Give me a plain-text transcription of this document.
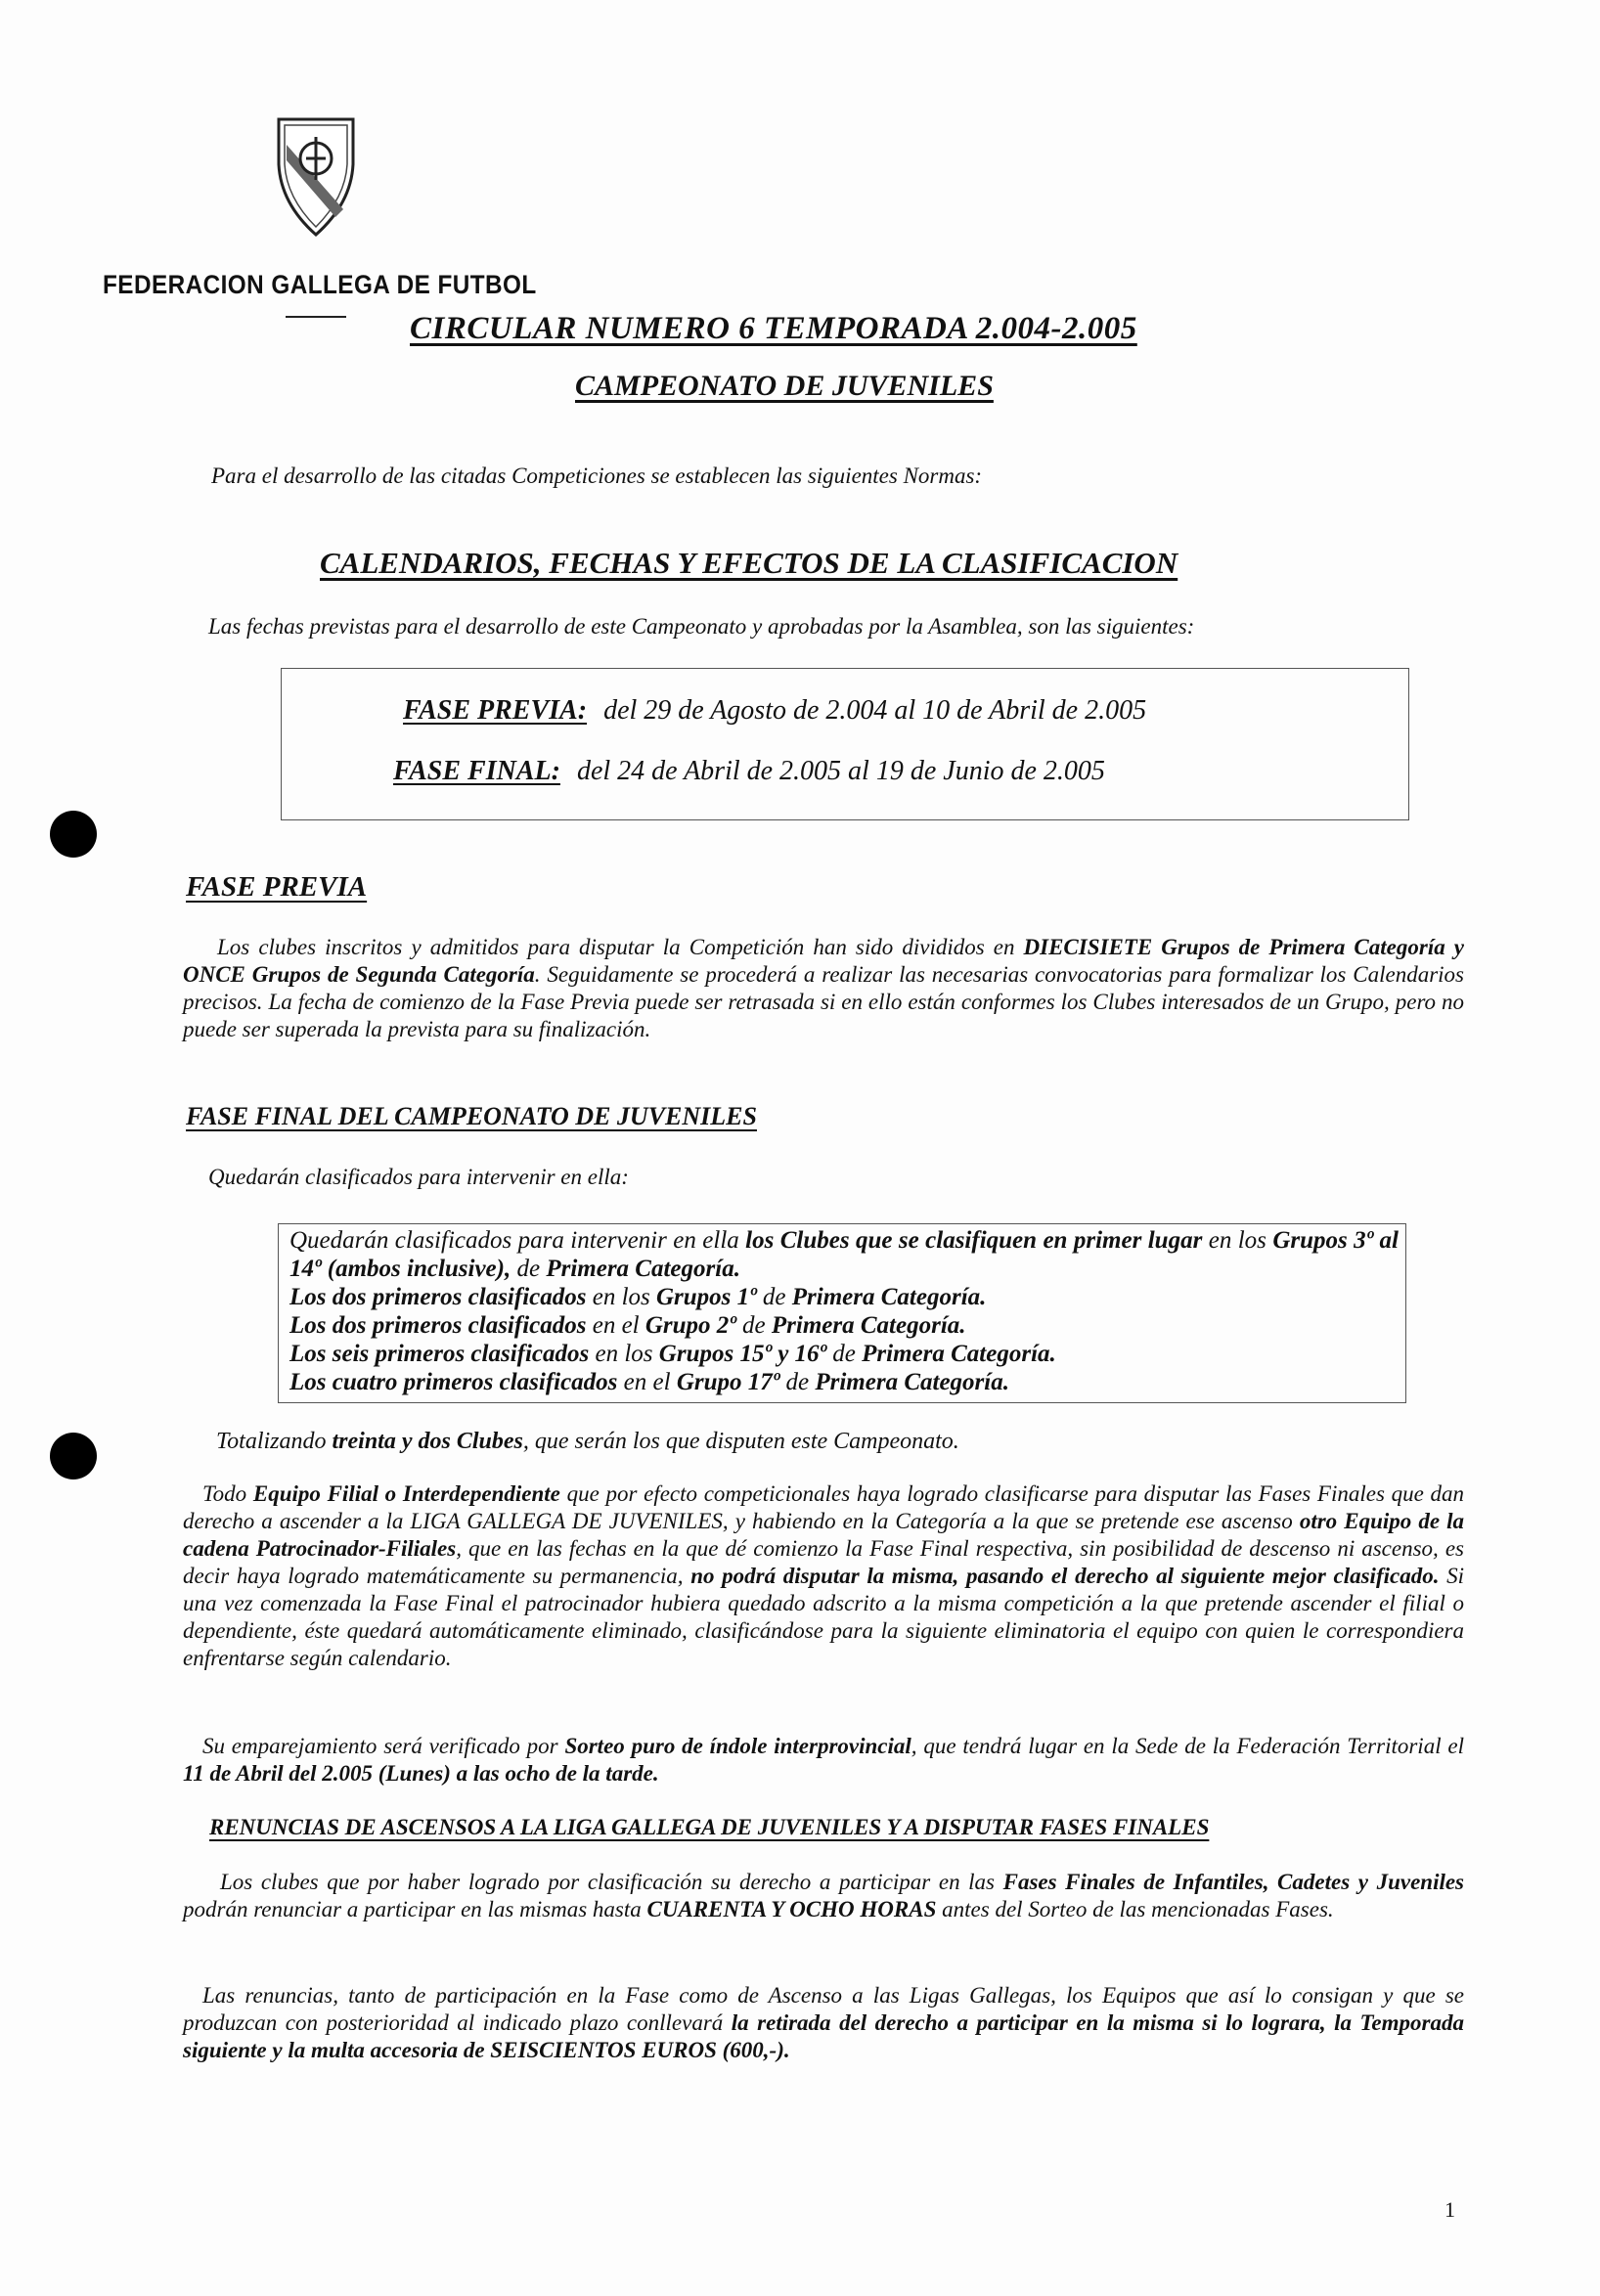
FEDERACION GALLEGA DE FUTBOL
CIRCULAR NUMERO 6 TEMPORADA 2.004-2.005
CAMPEONATO DE JUVENILES
Para el desarrollo de las citadas Competiciones se establecen las siguientes Normas:
CALENDARIOS, FECHAS Y EFECTOS DE LA CLASIFICACION
Las fechas previstas para el desarrollo de este Campeonato y aprobadas por la Asamblea, son las siguientes:
FASE PREVIA: del 29 de Agosto de 2.004 al 10 de Abril de 2.005
FASE FINAL: del 24 de Abril de 2.005 al 19 de Junio de 2.005
FASE PREVIA
Los clubes inscritos y admitidos para disputar la Competición han sido divididos en DIECISIETE Grupos de Primera Categoría y ONCE Grupos de Segunda Categoría. Seguidamente se procederá a realizar las necesarias convocatorias para formalizar los Calendarios precisos. La fecha de comienzo de la Fase Previa puede ser retrasada si en ello están conformes los Clubes interesados de un Grupo, pero no puede ser superada la prevista para su finalización.
FASE FINAL DEL CAMPEONATO DE JUVENILES
Quedarán clasificados para intervenir en ella:
Quedarán clasificados para intervenir en ella los Clubes que se clasifiquen en primer lugar en los Grupos 3º al 14º (ambos inclusive), de Primera Categoría.
Los dos primeros clasificados en los Grupos 1º de Primera Categoría.
Los dos primeros clasificados en el Grupo 2º de Primera Categoría.
Los seis primeros clasificados en los Grupos 15º y 16º de Primera Categoría.
Los cuatro primeros clasificados en el Grupo 17º de Primera Categoría.
Totalizando treinta y dos Clubes, que serán los que disputen este Campeonato.
Todo Equipo Filial o Interdependiente que por efecto competicionales haya logrado clasificarse para disputar las Fases Finales que dan derecho a ascender a la LIGA GALLEGA DE JUVENILES, y habiendo en la Categoría a la que se pretende ese ascenso otro Equipo de la cadena Patrocinador-Filiales, que en las fechas en la que dé comienzo la Fase Final respectiva, sin posibilidad de descenso ni ascenso, es decir haya logrado matemáticamente su permanencia, no podrá disputar la misma, pasando el derecho al siguiente mejor clasificado. Si una vez comenzada la Fase Final el patrocinador hubiera quedado adscrito a la misma competición a la que pretende ascender el filial o dependiente, éste quedará automáticamente eliminado, clasificándose para la siguiente eliminatoria el equipo con quien le correspondiera enfrentarse según calendario.
Su emparejamiento será verificado por Sorteo puro de índole interprovincial, que tendrá lugar en la Sede de la Federación Territorial el 11 de Abril del 2.005 (Lunes) a las ocho de la tarde.
RENUNCIAS DE ASCENSOS A LA LIGA GALLEGA DE JUVENILES Y A DISPUTAR FASES FINALES
Los clubes que por haber logrado por clasificación su derecho a participar en las Fases Finales de Infantiles, Cadetes y Juveniles podrán renunciar a participar en las mismas hasta CUARENTA Y OCHO HORAS antes del Sorteo de las mencionadas Fases.
Las renuncias, tanto de participación en la Fase como de Ascenso a las Ligas Gallegas, los Equipos que así lo consigan y que se produzcan con posterioridad al indicado plazo conllevará la retirada del derecho a participar en la misma si lo lograra, la Temporada siguiente y la multa accesoria de SEISCIENTOS EUROS (600,-).
1
